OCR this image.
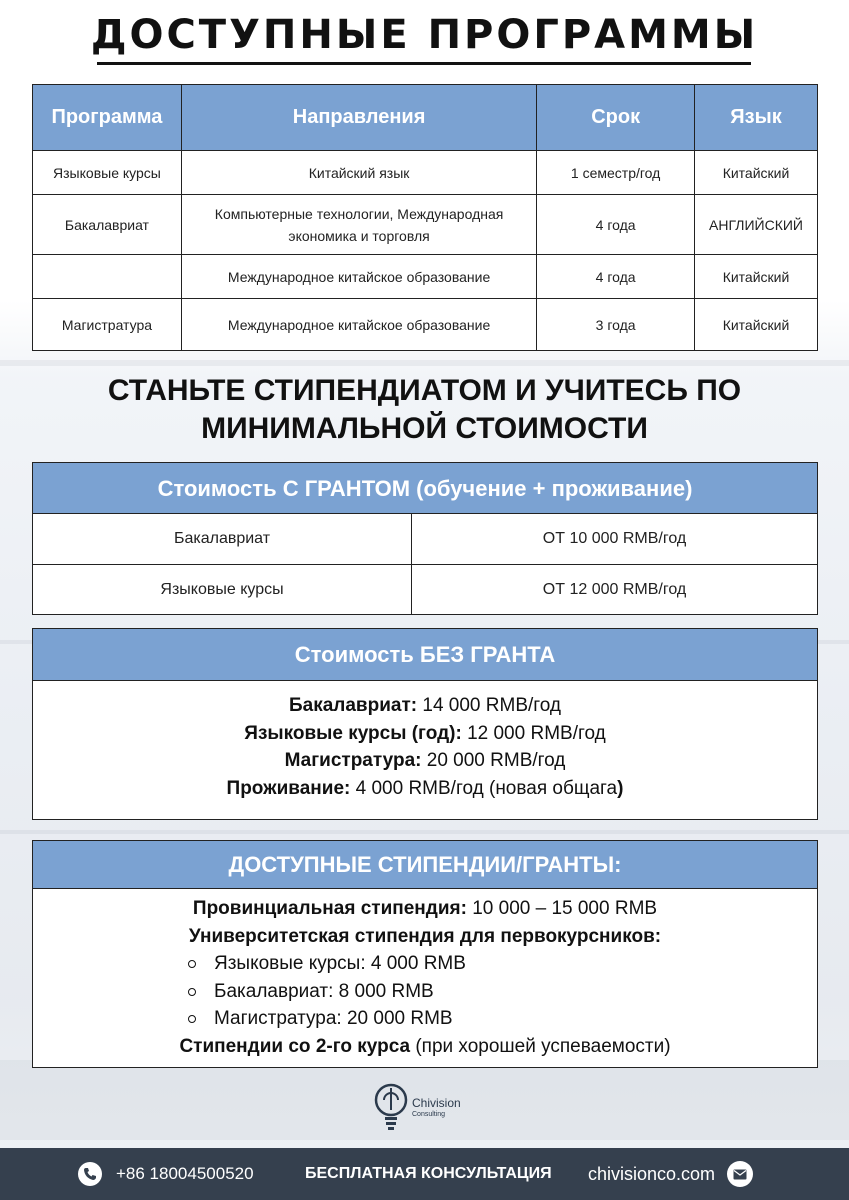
ДОСТУПНЫЕ ПРОГРАММЫ
Программа	Направления	Срок	Язык
Языковые курсы	Китайский язык	1 семестр/год	Китайский
Бакалавриат	Компьютерные технологии, Международная экономика и торговля	4 года	АНГЛИЙСКИЙ
	Международное китайское образование	4 года	Китайский
Магистратура	Международное китайское образование	3 года	Китайский
СТАНЬТЕ СТИПЕНДИАТОМ И УЧИТЕСЬ ПО
МИНИМАЛЬНОЙ СТОИМОСТИ
Стоимость С ГРАНТОМ (обучение + проживание)
Бакалавриат	ОТ 10 000 RMB/год
Языковые курсы	ОТ 12 000 RMB/год
Стоимость БЕЗ ГРАНТА
Бакалавриат: 14 000 RMB/год
Языковые курсы (год): 12 000 RMB/год
Магистратура: 20 000 RMB/год
Проживание: 4 000 RMB/год (новая общага)
ДОСТУПНЫЕ СТИПЕНДИИ/ГРАНТЫ:
Провинциальная стипендия: 10 000 – 15 000 RMB
Университетская стипендия для первокурсников:
Языковые курсы: 4 000 RMB
Бакалавриат: 8 000 RMB
Магистратура: 20 000 RMB
Стипендии со 2-го курса (при хорошей успеваемости)
Chivision
Consulting
+86 18004500520	БЕСПЛАТНАЯ КОНСУЛЬТАЦИЯ chivisionco.com
